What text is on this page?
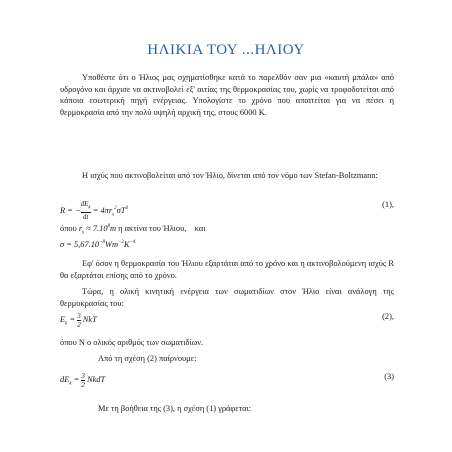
ΗΛΙΚΙΑ ΤΟΥ ...ΗΛΙΟΥ
Υποθέστε ότι ο Ήλιος μας σχηματίσθηκε κατά το παρελθόν σαν μια «καυτή μπάλα» από υδρογόνο και άρχισε να ακτινοβολεί εξ' αιτίας της θερμοκρασίας του, χωρίς να τροφοδοτείται από κάποια εσωτερική πηγή ενέργειας. Υπολογίστε το χρόνο που απαιτείται για να πέσει η θερμοκρασία από την πολύ υψηλή αρχική της, στους 6000 K.
Η ισχύς που ακτινοβολείται από τον Ήλιο, δίνεται από τον νόμο των Stefan-Boltzmann:
R = −
$dE_k$
dt
= $4\pi r_s^2\sigma T^4$	(1),
όπου $r_s \approx 7.10^8m$ η ακτίνα του Ήλιου,    και
$\sigma = 5,67.10^{-8}Wm^{-2}K^{-4}$
Εφ' όσον η θερμοκρασία του Ήλιου εξαρτάται από το χρόνο και η ακτινοβολούμενη ισχύς R θα εξαρτάται επίσης από το χρόνο.
Τώρα, η ολική κινητική ενέργεια των σωματιδίων στον Ήλιο είναι ανάλογη της θερμοκρασίας του:
$E_k = \frac{3}{2}$ NkT	(2),
όπου N ο ολικός αριθμός των σωματιδίων.
Από τη σχέση (2) παίρνουμε:
$dE_k = \frac{3}{2}$ NkdT	(3)
Με τη βοήθεια της (3), η σχέση (1) γράφεται:
